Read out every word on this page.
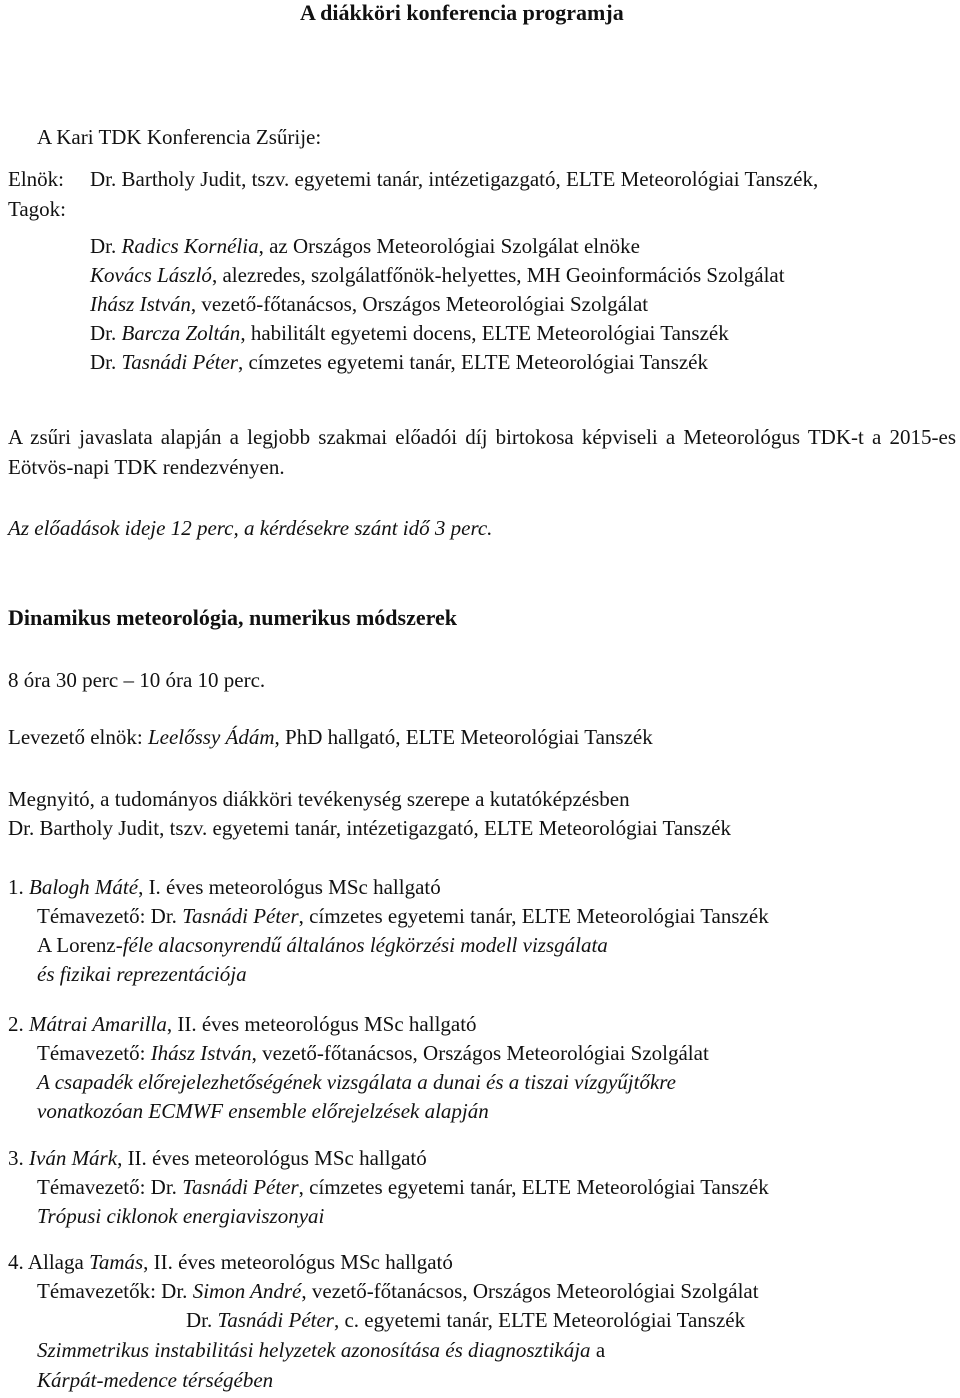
A diákköri konferencia programja
A Kari TDK Konferencia Zsűrije:
Elnök: Dr. Bartholy Judit, tszv. egyetemi tanár, intézetigazgató, ELTE Meteorológiai Tanszék,
Tagok:
Dr. Radics Kornélia, az Országos Meteorológiai Szolgálat elnöke
Kovács László, alezredes, szolgálatfőnök-helyettes, MH Geoinformációs Szolgálat
Ihász István, vezető-főtanácsos, Országos Meteorológiai Szolgálat
Dr. Barcza Zoltán, habilitált egyetemi docens, ELTE Meteorológiai Tanszék
Dr. Tasnádi Péter, címzetes egyetemi tanár, ELTE Meteorológiai Tanszék
A zsűri javaslata alapján a legjobb szakmai előadói díj birtokosa képviseli a Meteorológus TDK-t a 2015-es Eötvös-napi TDK rendezvényen.
Az előadások ideje 12 perc, a kérdésekre szánt idő 3 perc.
Dinamikus meteorológia, numerikus módszerek
8 óra 30 perc – 10 óra 10 perc.
Levezető elnök: Leelőssy Ádám, PhD hallgató, ELTE Meteorológiai Tanszék
Megnyitó, a tudományos diákköri tevékenység szerepe a kutatóképzésben
Dr. Bartholy Judit, tszv. egyetemi tanár, intézetigazgató, ELTE Meteorológiai Tanszék
1. Balogh Máté, I. éves meteorológus MSc hallgató
Témavezető: Dr. Tasnádi Péter, címzetes egyetemi tanár, ELTE Meteorológiai Tanszék
A Lorenz-féle alacsonyrendű általános légkörzési modell vizsgálata
és fizikai reprezentációja
2. Mátrai Amarilla, II. éves meteorológus MSc hallgató
Témavezető: Ihász István, vezető-főtanácsos, Országos Meteorológiai Szolgálat
A csapadék előrejelezhetőségének vizsgálata a dunai és a tiszai vízgyűjtőkre
vonatkozóan ECMWF ensemble előrejelzések alapján
3. Iván Márk, II. éves meteorológus MSc hallgató
Témavezető: Dr. Tasnádi Péter, címzetes egyetemi tanár, ELTE Meteorológiai Tanszék
Trópusi ciklonok energiaviszonyai
4. Allaga Tamás, II. éves meteorológus MSc hallgató
Témavezetők: Dr. Simon André, vezető-főtanácsos, Országos Meteorológiai Szolgálat
Dr. Tasnádi Péter, c. egyetemi tanár, ELTE Meteorológiai Tanszék
Szimmetrikus instabilitási helyzetek azonosítása és diagnosztikája a
Kárpát-medence térségében
